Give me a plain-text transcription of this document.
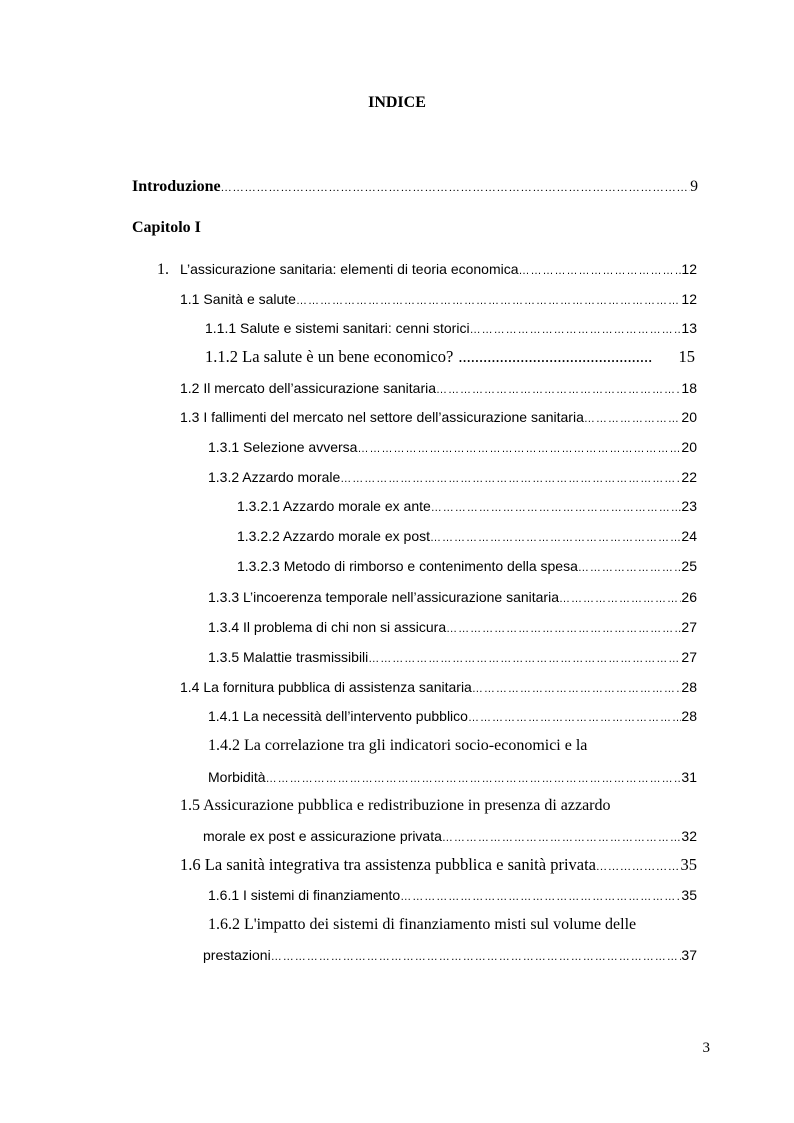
INDICE
Introduzione ……………………………………………………………………………………………………………………………………………………………………………………………	9
Capitolo I
1. L’assicurazione sanitaria: elementi di teoria economica ……………………………………………………………………………………………………………………………………………………………………………………………	12
1.1 Sanità e salute ……………………………………………………………………………………………………………………………………………………………………………………………	12
1.1.1 Salute e sistemi sanitari: cenni storici ……………………………………………………………………………………………………………………………………………………………………………………………	13
1.1.2 La salute è un bene economico? ...............................................	15
1.2 Il mercato dell’assicurazione sanitaria ……………………………………………………………………………………………………………………………………………………………………………………………	18
1.3 I fallimenti del mercato nel settore dell’assicurazione sanitaria ……………………………………………………………………………………………………………………………………………………………………………………………	20
1.3.1 Selezione avversa ……………………………………………………………………………………………………………………………………………………………………………………………	20
1.3.2 Azzardo morale ……………………………………………………………………………………………………………………………………………………………………………………………	22
1.3.2.1 Azzardo morale ex ante ……………………………………………………………………………………………………………………………………………………………………………………………	23
1.3.2.2 Azzardo morale ex post ……………………………………………………………………………………………………………………………………………………………………………………………	24
1.3.2.3 Metodo di rimborso e contenimento della spesa ……………………………………………………………………………………………………………………………………………………………………………………………	25
1.3.3 L’incoerenza temporale nell’assicurazione sanitaria ……………………………………………………………………………………………………………………………………………………………………………………………	26
1.3.4 Il problema di chi non si assicura ……………………………………………………………………………………………………………………………………………………………………………………………	27
1.3.5 Malattie trasmissibili ……………………………………………………………………………………………………………………………………………………………………………………………	27
1.4 La fornitura pubblica di assistenza sanitaria ……………………………………………………………………………………………………………………………………………………………………………………………	28
1.4.1 La necessità dell’intervento pubblico ……………………………………………………………………………………………………………………………………………………………………………………………	28
1.4.2 La correlazione tra gli indicatori socio-economici e la
Morbidità ……………………………………………………………………………………………………………………………………………………………………………………………	31
1.5 Assicurazione pubblica e redistribuzione in presenza di azzardo
morale ex post e assicurazione privata ……………………………………………………………………………………………………………………………………………………………………………………………	32
1.6 La sanità integrativa tra assistenza pubblica e sanità privata ……………………………………………………………………………………………………………………………………………………………………………………………	35
1.6.1 I sistemi di finanziamento ……………………………………………………………………………………………………………………………………………………………………………………………	35
1.6.2 L'impatto dei sistemi di finanziamento misti sul volume delle
prestazioni ……………………………………………………………………………………………………………………………………………………………………………………………	37
3
